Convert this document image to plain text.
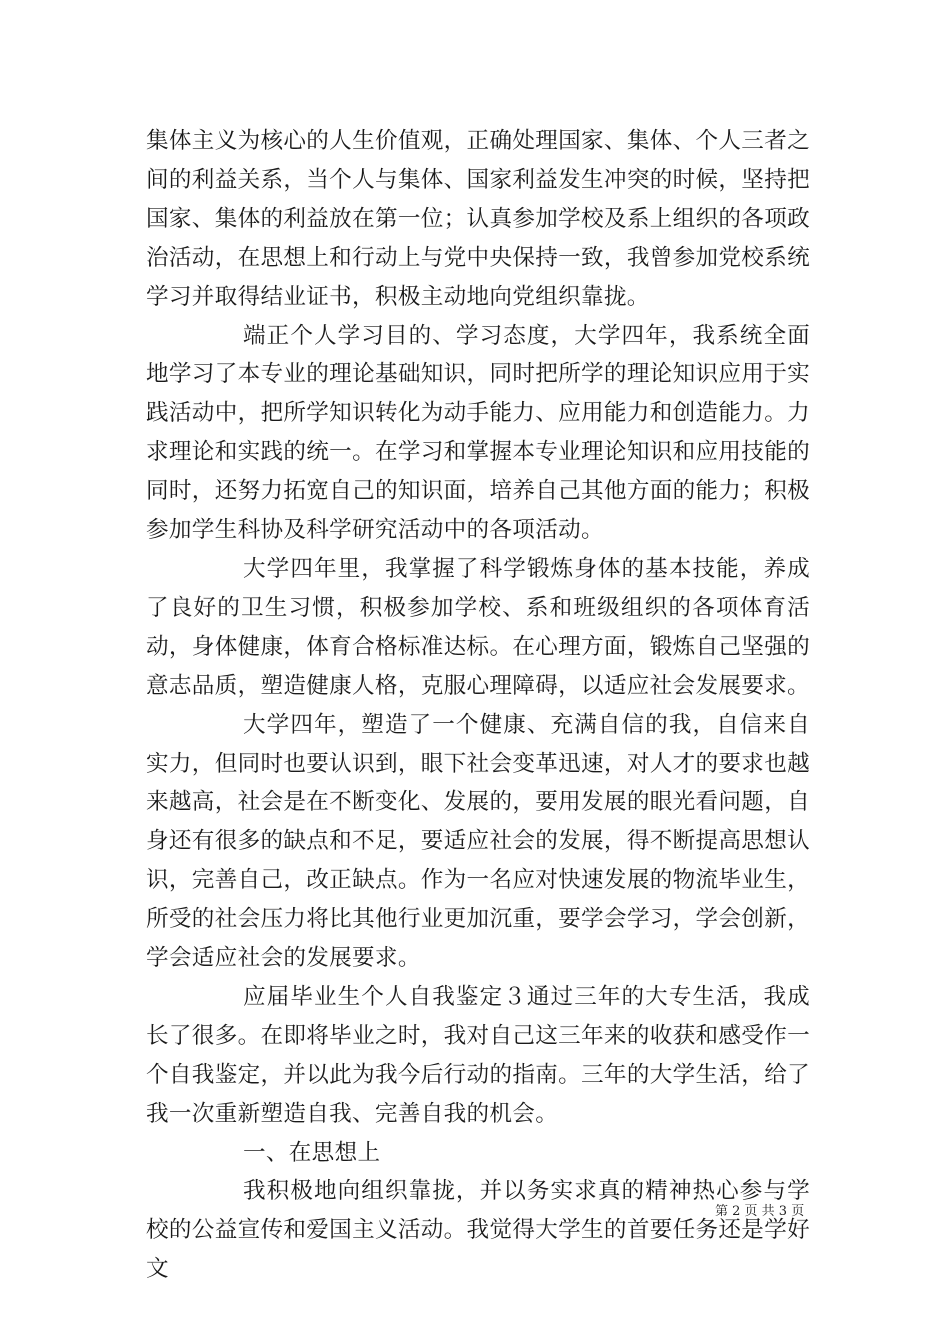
集体主义为核心的人生价值观，正确处理国家、集体、个人三者之间的利益关系，当个人与集体、国家利益发生冲突的时候，坚持把国家、集体的利益放在第一位；认真参加学校及系上组织的各项政治活动，在思想上和行动上与党中央保持一致，我曾参加党校系统学习并取得结业证书，积极主动地向党组织靠拢。

端正个人学习目的、学习态度，大学四年，我系统全面地学习了本专业的理论基础知识，同时把所学的理论知识应用于实践活动中，把所学知识转化为动手能力、应用能力和创造能力。力求理论和实践的统一。在学习和掌握本专业理论知识和应用技能的同时，还努力拓宽自己的知识面，培养自己其他方面的能力；积极参加学生科协及科学研究活动中的各项活动。

大学四年里，我掌握了科学锻炼身体的基本技能，养成了良好的卫生习惯，积极参加学校、系和班级组织的各项体育活动，身体健康，体育合格标准达标。在心理方面，锻炼自己坚强的意志品质，塑造健康人格，克服心理障碍，以适应社会发展要求。

大学四年，塑造了一个健康、充满自信的我，自信来自实力，但同时也要认识到，眼下社会变革迅速，对人才的要求也越来越高，社会是在不断变化、发展的，要用发展的眼光看问题，自身还有很多的缺点和不足，要适应社会的发展，得不断提高思想认识，完善自己，改正缺点。作为一名应对快速发展的物流毕业生，所受的社会压力将比其他行业更加沉重，要学会学习，学会创新，学会适应社会的发展要求。

应届毕业生个人自我鉴定３通过三年的大专生活，我成长了很多。在即将毕业之时，我对自己这三年来的收获和感受作一个自我鉴定，并以此为我今后行动的指南。三年的大学生活，给了我一次重新塑造自我、完善自我的机会。

一、在思想上

我积极地向组织靠拢，并以务实求真的精神热心参与学校的公益宣传和爱国主义活动。我觉得大学生的首要任务还是学好文

第 2 页 共 3 页
